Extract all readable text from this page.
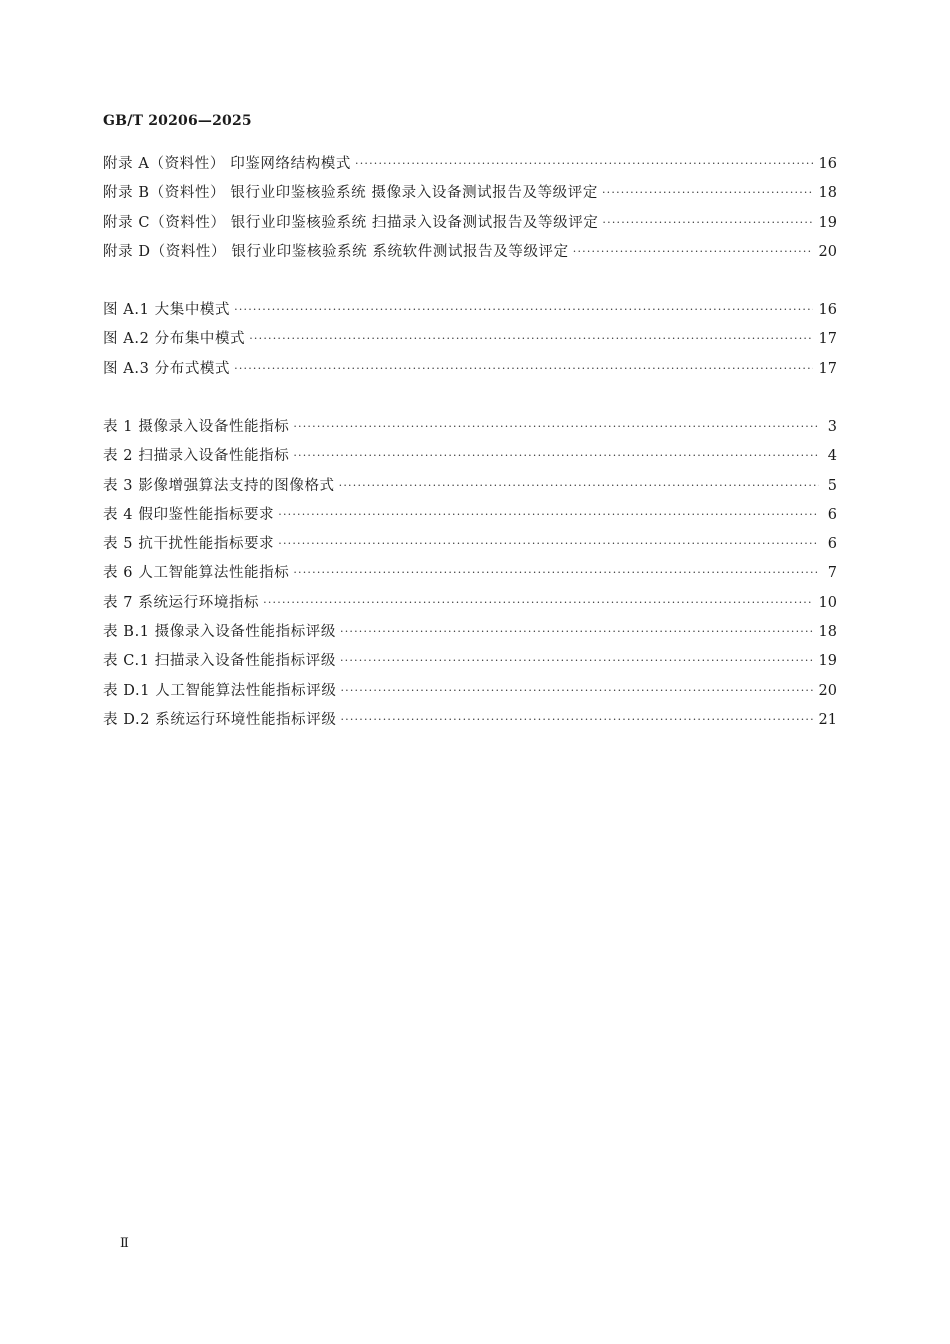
GB/T 20206—2025
附录 A（资料性） 印鉴网络结构模式 ·····	16
附录 B（资料性） 银行业印鉴核验系统 摄像录入设备测试报告及等级评定 ·····	18
附录 C（资料性） 银行业印鉴核验系统 扫描录入设备测试报告及等级评定 ·····	19
附录 D（资料性） 银行业印鉴核验系统 系统软件测试报告及等级评定 ·····	20
图 A.1 大集中模式 ·····	16
图 A.2 分布集中模式 ·····	17
图 A.3 分布式模式 ·····	17
表 1 摄像录入设备性能指标 ·····	3
表 2 扫描录入设备性能指标 ·····	4
表 3 影像增强算法支持的图像格式 ·····	5
表 4 假印鉴性能指标要求 ·····	6
表 5 抗干扰性能指标要求 ·····	6
表 6 人工智能算法性能指标 ·····	7
表 7 系统运行环境指标 ·····	10
表 B.1 摄像录入设备性能指标评级 ·····	18
表 C.1 扫描录入设备性能指标评级 ·····	19
表 D.1 人工智能算法性能指标评级 ·····	20
表 D.2 系统运行环境性能指标评级 ·····	21
Ⅱ
